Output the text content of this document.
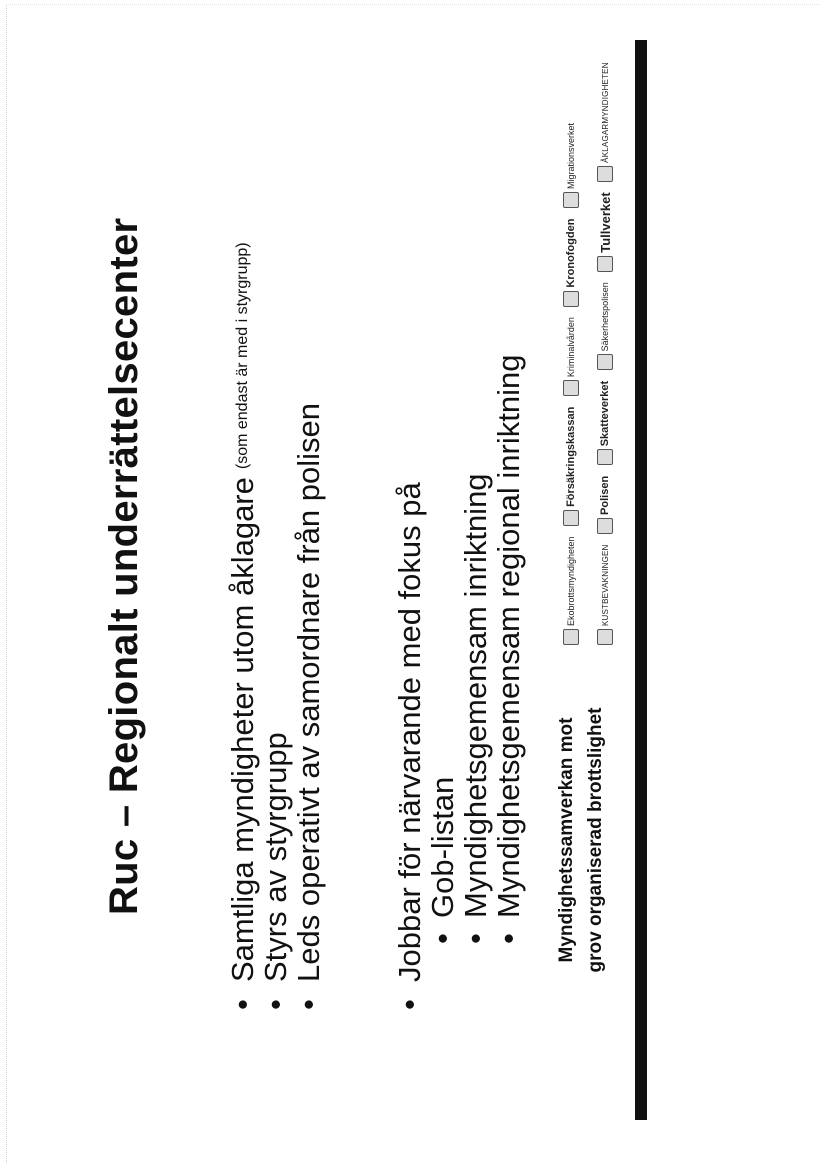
Ruc – Regionalt underrättelsecenter	• Samtliga myndigheter utom åklagare(som endast är med i styrgrupp)
• Styrs av styrgrupp
• Leds operativt av samordnare från polisen • Jobbar för närvarande med fokus på
• Gob-listan
• Myndighetsgemensam inriktning
• Myndighetsgemensam regional inriktning Myndighetssamverkan mot grov organiserad brottslighet
Ekobrottsmyndigheten

Försäkringskassan

Kriminalvården

Kronofogden

Migrationsverket
KUSTBEVAKNINGEN

Polisen

Skatteverket

Säkerhetspolisen

Tullverket

ÅKLAGARMYNDIGHETEN
